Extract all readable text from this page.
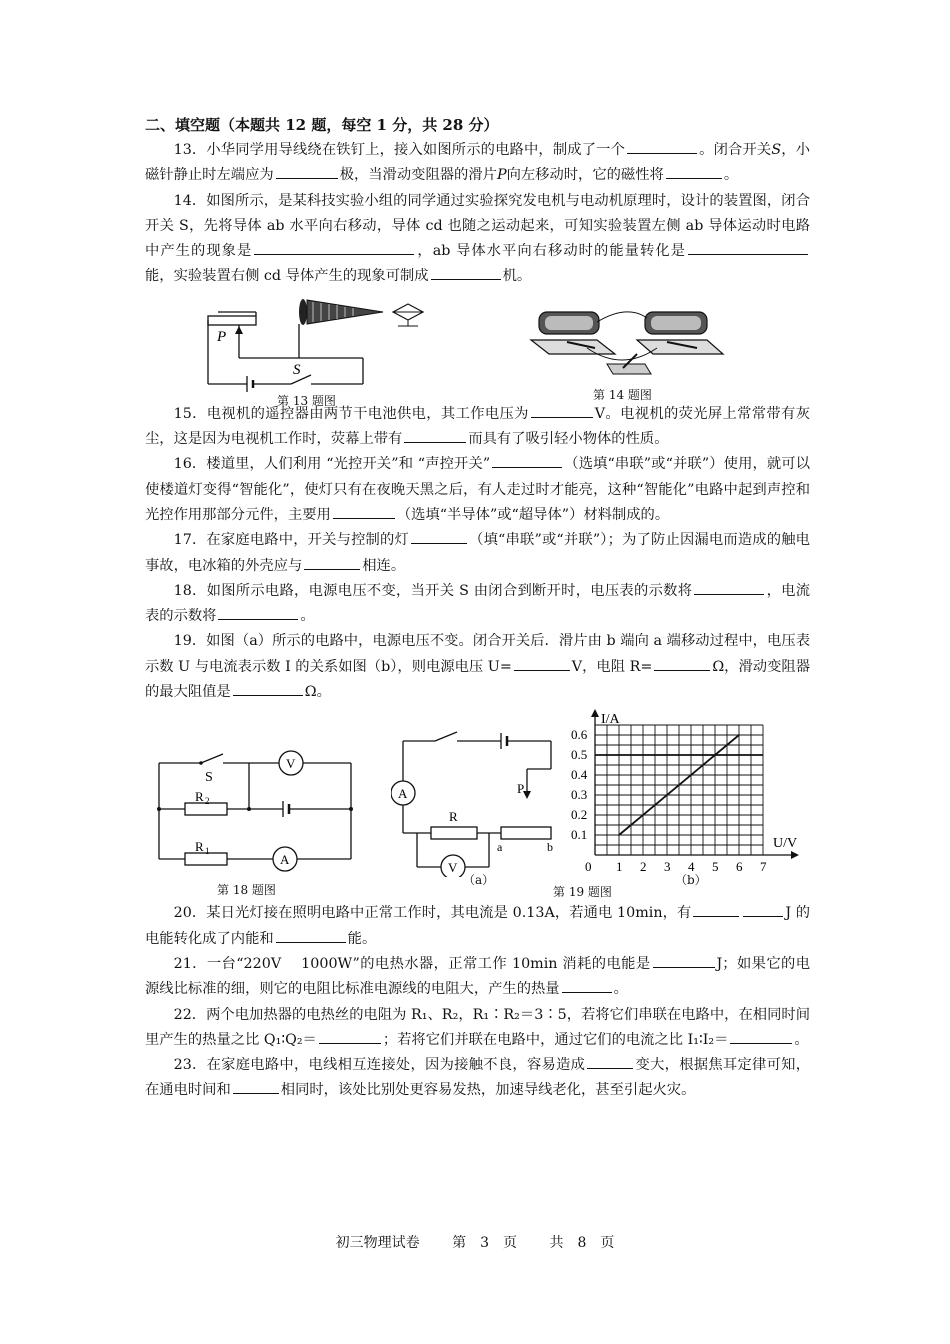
二、填空题（本题共 12 题，每空 1 分，共 28 分）

13．小华同学用导线绕在铁钉上，接入如图所示的电路中，制成了一个	。闭合开关S，小磁针静止时左端应为	极，当滑动变阻器的滑片P向左移动时，它的磁性将	。

14．如图所示，是某科技实验小组的同学通过实验探究发电机与电动机原理时，设计的装置图，闭合开关 S，先将导体 ab 水平向右移动，导体 cd 也随之运动起来，可知实验装置左侧 ab 导体运动时电路中产生的现象是	，ab 导体水平向右移动时的能量转化是能，实验装置右侧 cd 导体产生的现象可制成	机。

P
S
第 13 题图	第 14 题图

15．电视机的遥控器由两节干电池供电，其工作电压为	V。电视机的荧光屏上常常带有灰尘，这是因为电视机工作时，荧幕上带有	而具有了吸引轻小物体的性质。

16．楼道里，人们利用 “光控开关”和 “声控开关”	（选填“串联”或“并联”）使用，就可以使楼道灯变得“智能化”，使灯只有在夜晚天黑之后，有人走过时才能亮，这种“智能化”电路中起到声控和光控作用那部分元件，主要用	（选填“半导体”或“超导体”）材料制成的。

17．在家庭电路中，开关与控制的灯	（填“串联”或“并联”）；为了防止因漏电而造成的触电事故，电冰箱的外壳应与	相连。

18．如图所示电路，电源电压不变，当开关 S 由闭合到断开时，电压表的示数将	，电流表的示数将	。

19．如图（a）所示的电路中，电源电压不变。闭合开关后．滑片由 b 端向 a 端移动过程中，电压表示数 U 与电流表示数 I 的关系如图（b），则电源电压 U=	V，电阻 R=	Ω，滑动变阻器的最大阻值是	Ω。

S
V
R 2
R 1
A
第 18 题图
P
A
R
a	b
V
（a）
第 19 题图
I/A
U/V
0 1 2 3 4 5 6 7
0.1
0.2
0.3
0.4
0.5
0.6
（b）

20．某日光灯接在照明电路中正常工作时，其电流是 0.13A，若通电 10min，有	J 的电能转化成了内能和	能。

21．一台“220V　 1000W”的电热水器，正常工作 10min 消耗的电能是	J；如果它的电源线比标准的细，则它的电阻比标准电源线的电阻大，产生的热量	。

22．两个电加热器的电热丝的电阻为 R₁、R₂，R₁∶R₂＝3∶5，若将它们串联在电路中，在相同时间里产生的热量之比 Q₁∶Q₂＝	；若将它们并联在电路中，通过它们的电流之比 I₁∶I₂＝	。

23．在家庭电路中，电线相互连接处，因为接触不良，容易造成	变大，根据焦耳定律可知，在通电时间和	相同时，该处比别处更容易发热，加速导线老化，甚至引起火灾。

初三物理试卷 第　3　页 共　8　页
